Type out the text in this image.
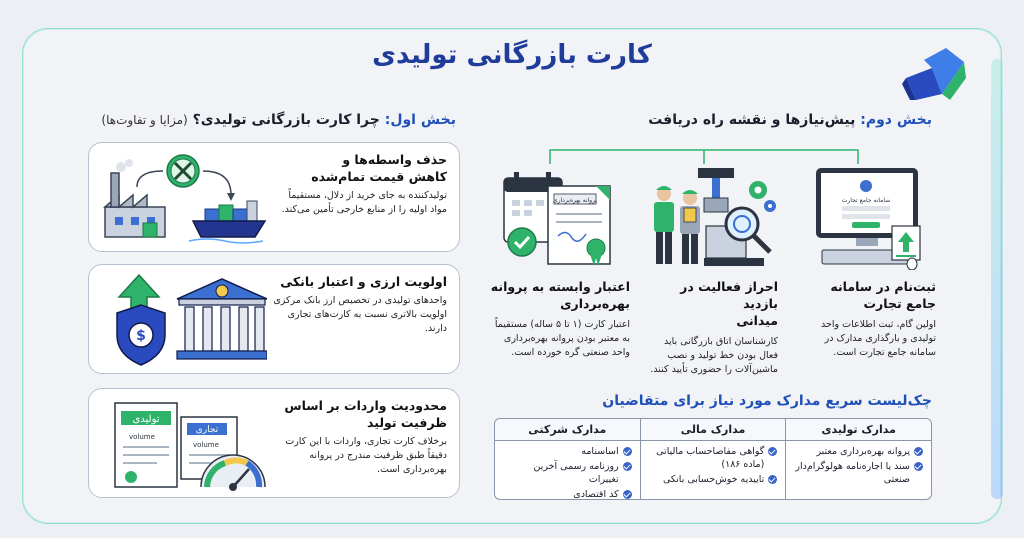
کارت بازرگانی تولیدی
بخش اول: چرا کارت بازرگانی تولیدی؟ (مزایا و تفاوت‌ها)
حذف واسطه‌ها و
کاهش قیمت تمام‌شده
تولیدکننده به جای خرید از دلال، مستقیماً مواد اولیه را از منابع خارجی تأمین می‌کند.
$
اولویت ارزی و اعتبار بانکی
واحدهای تولیدی در تخصیص ارز بانک مرکزی اولویت بالاتری نسبت به کارت‌های تجاری دارند.
تولیدی
volume
تجاری
volume
محدودیت واردات بر اساس
ظرفیت تولید
برخلاف کارت تجاری، واردات با این کارت دقیقاً طبق ظرفیت مندرج در پروانه بهره‌برداری است.
بخش دوم: پیش‌نیازها و نقشه راه دریافت
سامانه جامع تجارت
ثبت‌نام در سامانه
جامع تجارت
اولین گام، ثبت اطلاعات واحد تولیدی و بارگذاری مدارک در سامانه جامع تجارت است.
احراز فعالیت در بازدید
میدانی
کارشناسان اتاق بازرگانی باید فعال بودن خط تولید و نصب ماشین‌آلات را حضوری تأیید کنند.
پروانه بهره‌برداری
اعتبار وابسته به پروانه
بهره‌برداری
اعتبار کارت (۱ تا ۵ ساله) مستقیماً به معتبر بودن پروانه بهره‌برداری واحد صنعتی گره خورده است.
چک‌لیست سریع مدارک مورد نیاز برای متقاضیان
مدارک تولیدی
پروانه بهره‌برداری معتبر
سند یا اجاره‌نامه هولوگرام‌دار صنعتی
مدارک مالی
گواهی مفاصاحساب مالیاتی (ماده ۱۸۶)
تاییدیه خوش‌حسابی بانکی
مدارک شرکتی
اساسنامه
روزنامه رسمی آخرین تغییرات
کد اقتصادی
